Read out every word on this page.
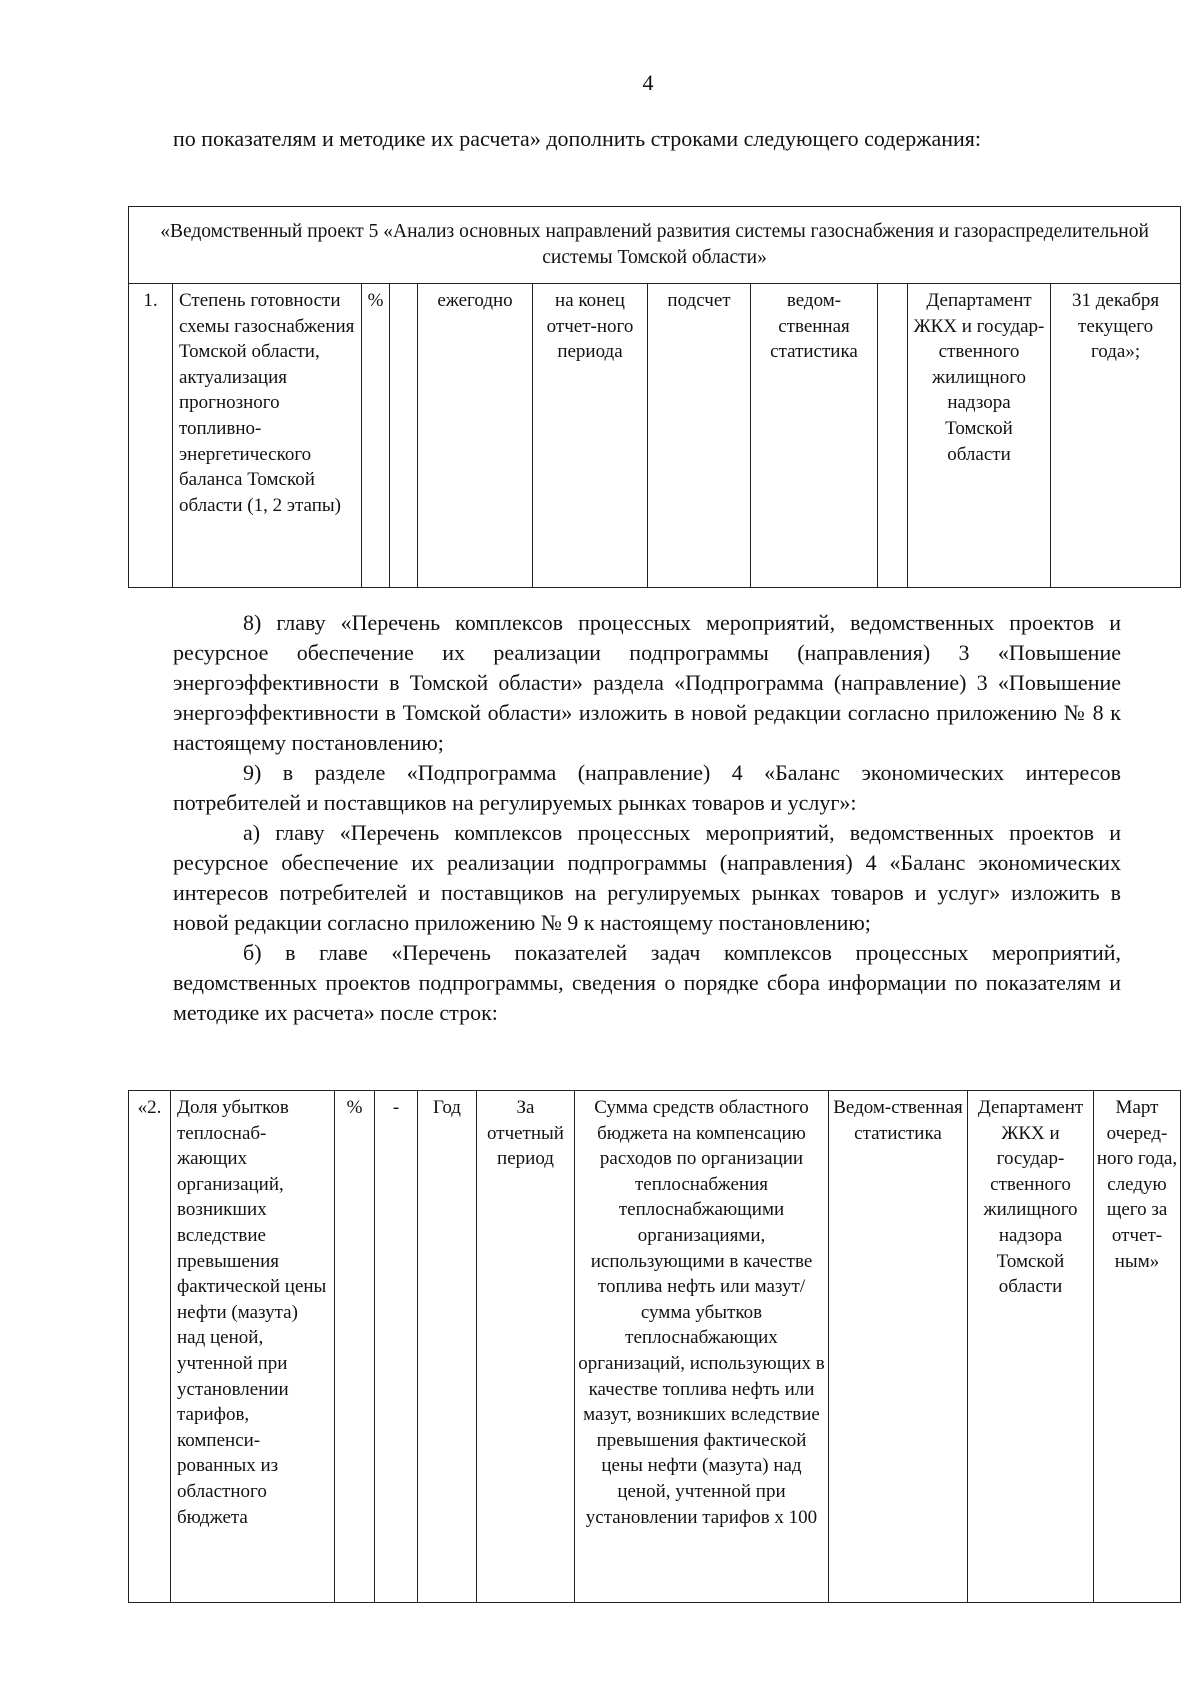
4

по показателям и методике их расчета» дополнить строками следующего содержания:

«Ведомственный проект 5 «Анализ основных направлений развития системы газоснабжения и газораспределительной системы Томской области»
1.	Степень готовности схемы газоснабжения Томской области, актуализация прогнозного топливно-энергетического баланса Томской области (1, 2 этапы)	%		ежегодно	на конец отчет-ного периода	подсчет	ведом-ственная статистика		Департамент ЖКХ и государ-ственного жилищного надзора Томской области	31 декабря текущего года»;

8) главу «Перечень комплексов процессных мероприятий, ведомственных проектов и ресурсное обеспечение их реализации подпрограммы (направления) 3 «Повышение энергоэффективности в Томской области» раздела «Подпрограмма (направление) 3 «Повышение энергоэффективности в Томской области» изложить в новой редакции согласно приложению № 8 к настоящему постановлению;

9) в разделе «Подпрограмма (направление) 4 «Баланс экономических интересов потребителей и поставщиков на регулируемых рынках товаров и услуг»:

а) главу «Перечень комплексов процессных мероприятий, ведомственных проектов и ресурсное обеспечение их реализации подпрограммы (направления) 4 «Баланс экономических интересов потребителей и поставщиков на регулируемых рынках товаров и услуг» изложить в новой редакции согласно приложению № 9 к настоящему постановлению;

б) в главе «Перечень показателей задач комплексов процессных мероприятий, ведомственных проектов подпрограммы, сведения о порядке сбора информации по показателям и методике их расчета» после строк:

«2.	Доля убытков теплоснаб-жающих организаций, возникших вследствие превышения фактической цены нефти (мазута) над ценой, учтенной при установлении тарифов, компенси-рованных из областного бюджета	%	-	Год	За отчетный период	Сумма средств областного бюджета на компенсацию расходов по организации теплоснабжения теплоснабжающими организациями, использующими в качестве топлива нефть или мазут/сумма убытков теплоснабжающих организаций, использующих в качестве топлива нефть или мазут, возникших вследствие превышения фактической цены нефти (мазута) над ценой, учтенной при установлении тарифов x 100	Ведом-ственная статистика	Департамент ЖКХ и государ-ственного жилищного надзора Томской области	Март очеред-ного года, следую щего за отчет-ным»
